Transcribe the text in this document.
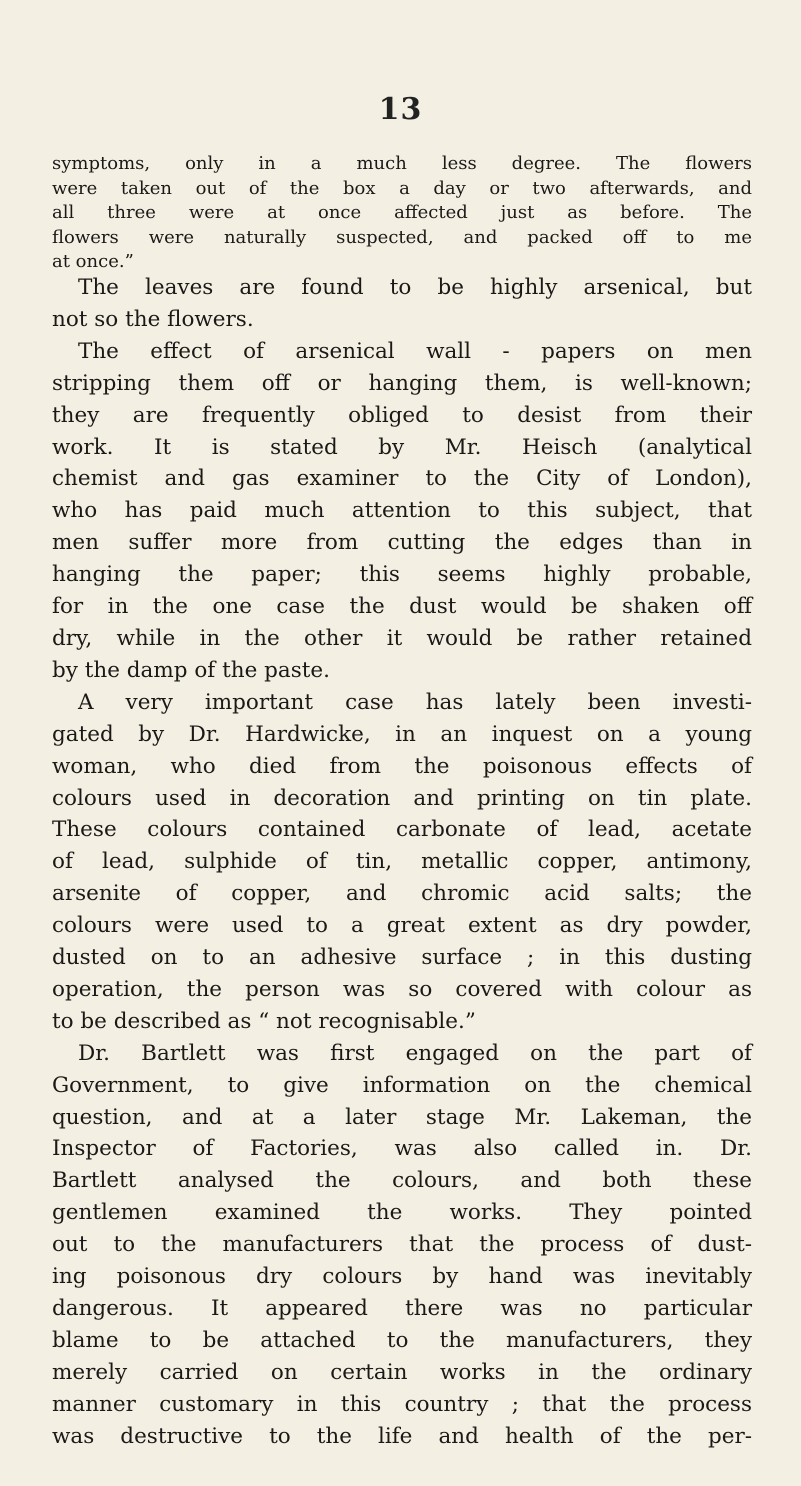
13
symptoms, only in a much less degree. The flowers
were taken out of the box a day or two afterwards, and
all three were at once affected just as before. The
flowers were naturally suspected, and packed off to me
at once.”
The leaves are found to be highly arsenical, but
not so the flowers.
The effect of arsenical wall - papers on men
stripping them off or hanging them, is well-known;
they are frequently obliged to desist from their
work. It is stated by Mr. Heisch (analytical
chemist and gas examiner to the City of London),
who has paid much attention to this subject, that
men suffer more from cutting the edges than in
hanging the paper; this seems highly probable,
for in the one case the dust would be shaken off
dry, while in the other it would be rather retained
by the damp of the paste.
A very important case has lately been investi-
gated by Dr. Hardwicke, in an inquest on a young
woman, who died from the poisonous effects of
colours used in decoration and printing on tin plate.
These colours contained carbonate of lead, acetate
of lead, sulphide of tin, metallic copper, antimony,
arsenite of copper, and chromic acid salts; the
colours were used to a great extent as dry powder,
dusted on to an adhesive surface ; in this dusting
operation, the person was so covered with colour as
to be described as “ not recognisable.”
Dr. Bartlett was first engaged on the part of
Government, to give information on the chemical
question, and at a later stage Mr. Lakeman, the
Inspector of Factories, was also called in. Dr.
Bartlett analysed the colours, and both these
gentlemen examined the works. They pointed
out to the manufacturers that the process of dust-
ing poisonous dry colours by hand was inevitably
dangerous. It appeared there was no particular
blame to be attached to the manufacturers, they
merely carried on certain works in the ordinary
manner customary in this country ; that the process
was destructive to the life and health of the per-
